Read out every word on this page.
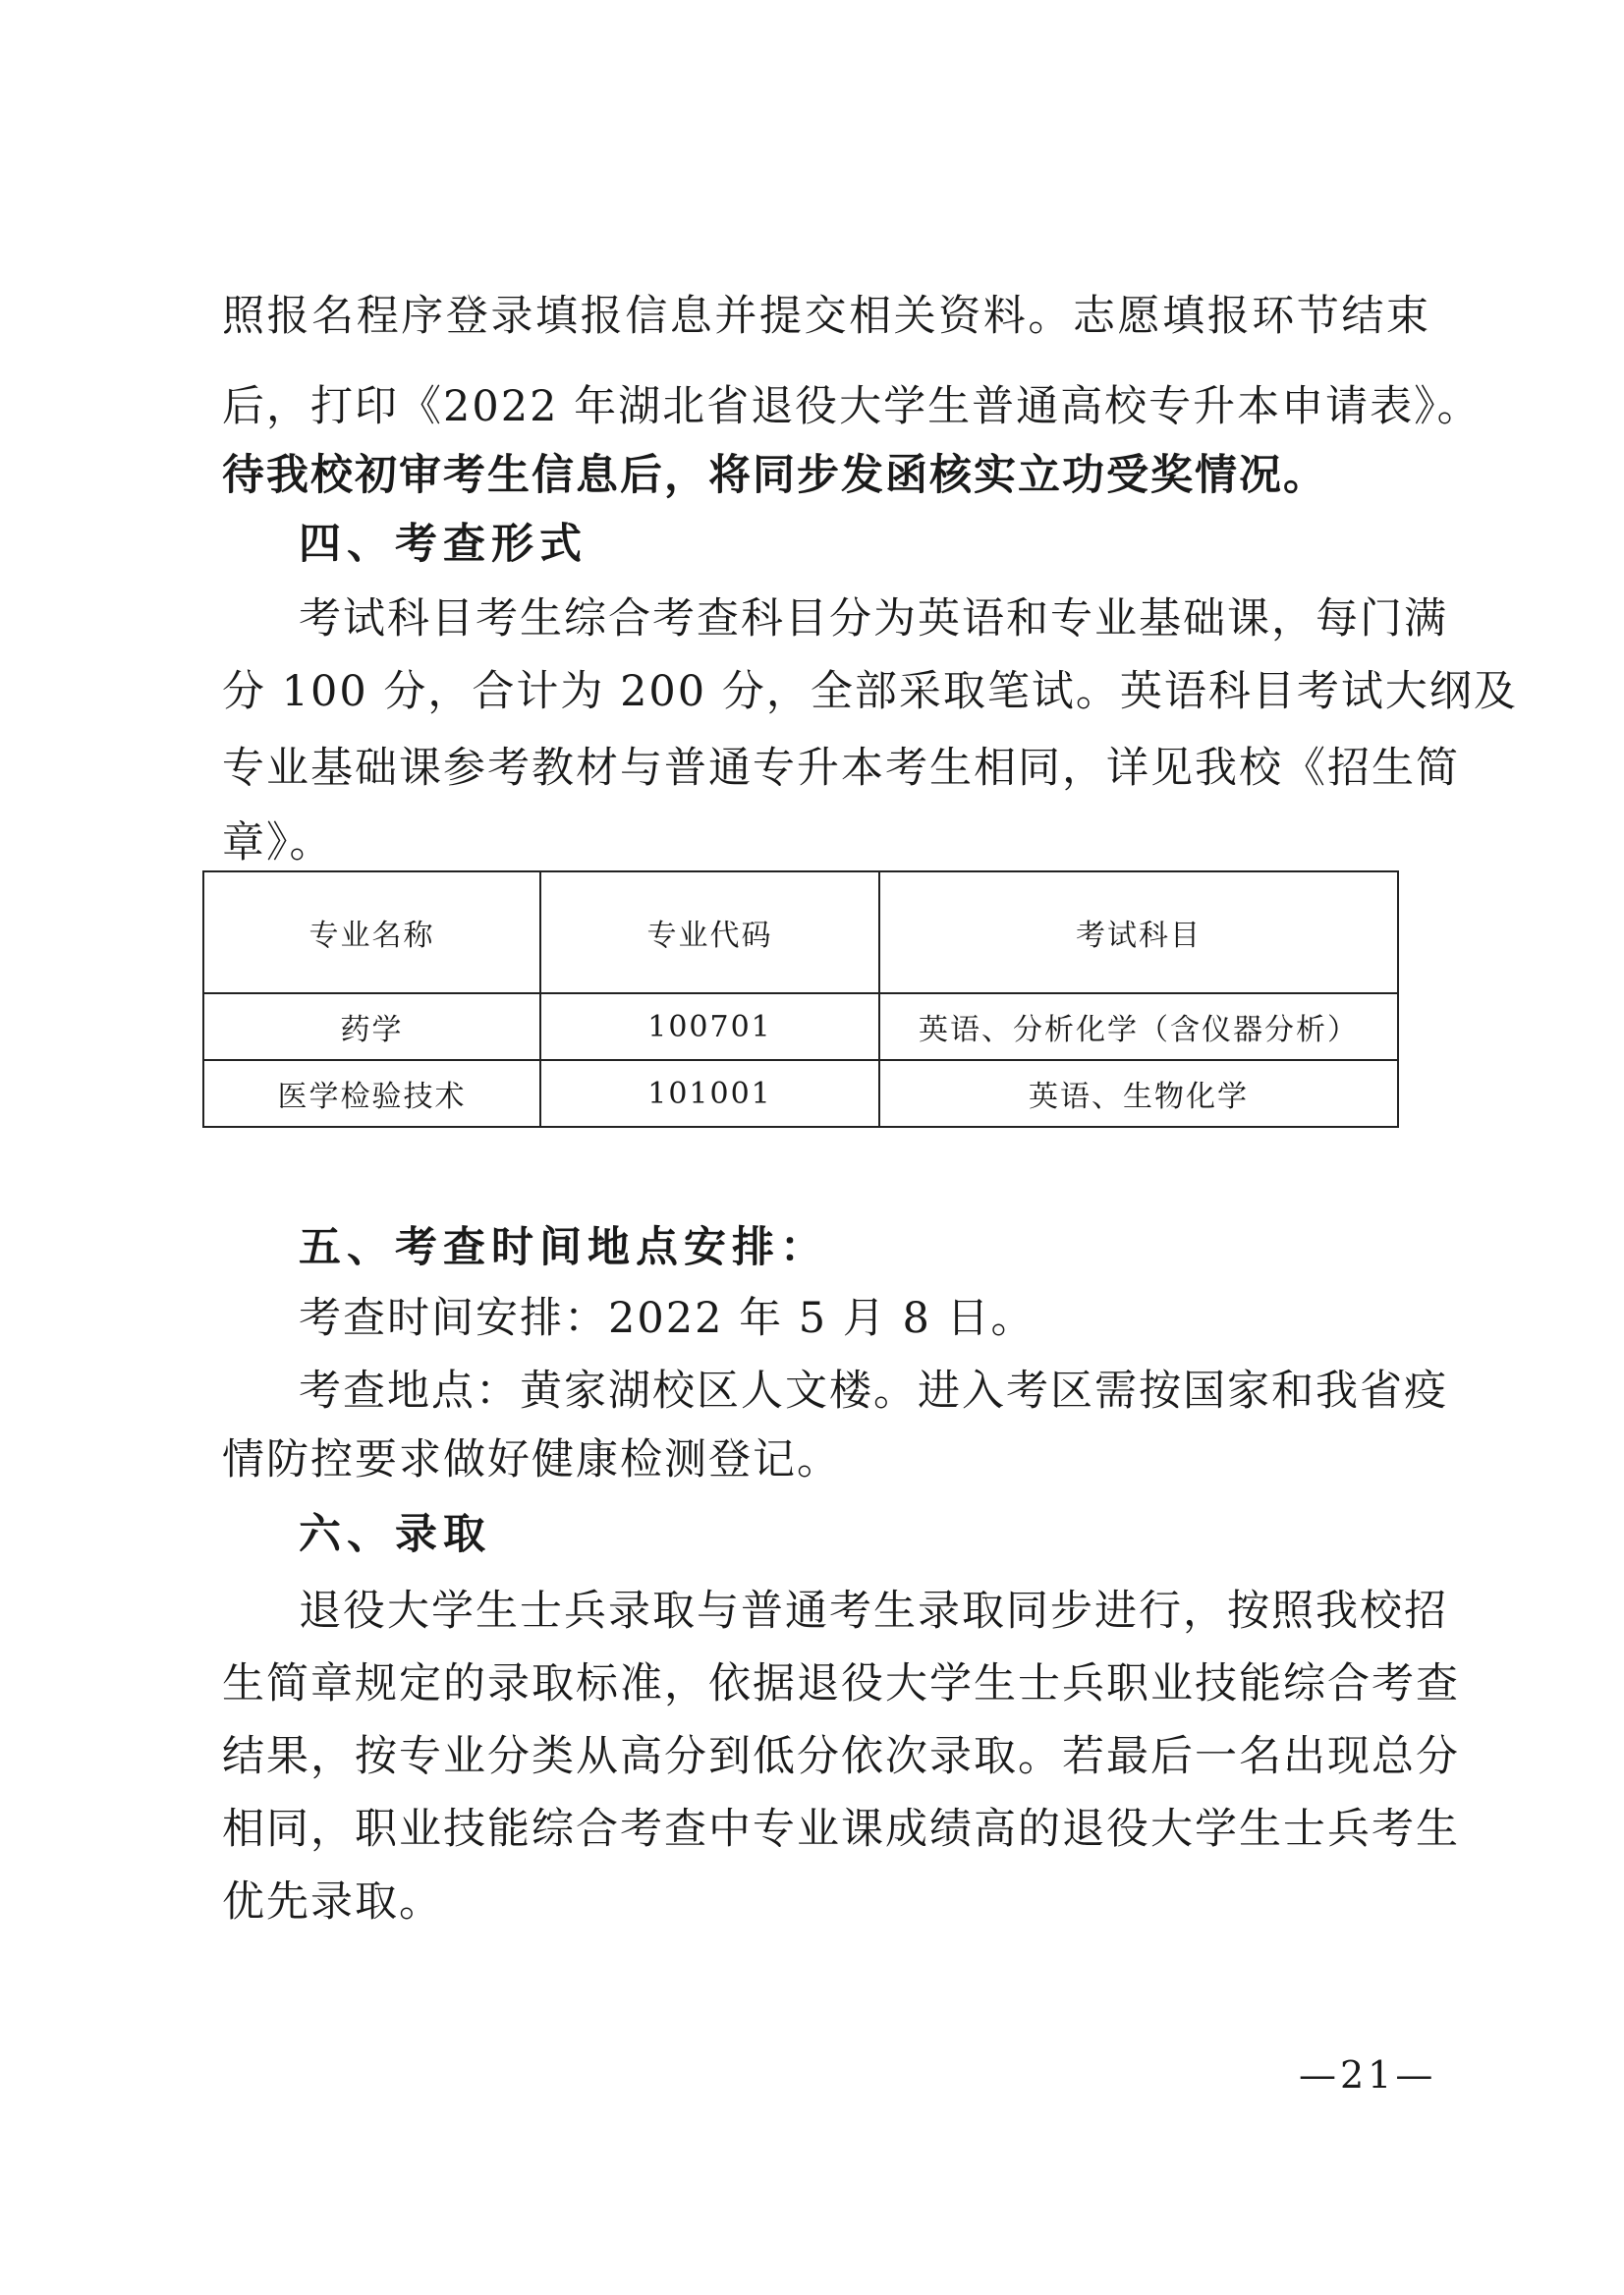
照报名程序登录填报信息并提交相关资料。志愿填报环节结束
后，打印《2022 年湖北省退役大学生普通高校专升本申请表》。
待我校初审考生信息后，将同步发函核实立功受奖情况。
四、考查形式
考试科目考生综合考查科目分为英语和专业基础课，每门满
分 100 分，合计为 200 分，全部采取笔试。英语科目考试大纲及
专业基础课参考教材与普通专升本考生相同，详见我校《招生简
章》。
专业名称	专业代码	考试科目
药学	100701	英语、分析化学（含仪器分析）
医学检验技术	101001	英语、生物化学
五、考查时间地点安排：
考查时间安排：2022 年 5 月 8 日。
考查地点：黄家湖校区人文楼。进入考区需按国家和我省疫
情防控要求做好健康检测登记。
六、录取
退役大学生士兵录取与普通考生录取同步进行，按照我校招
生简章规定的录取标准，依据退役大学生士兵职业技能综合考查
结果，按专业分类从高分到低分依次录取。若最后一名出现总分
相同，职业技能综合考查中专业课成绩高的退役大学生士兵考生
优先录取。
—21—
